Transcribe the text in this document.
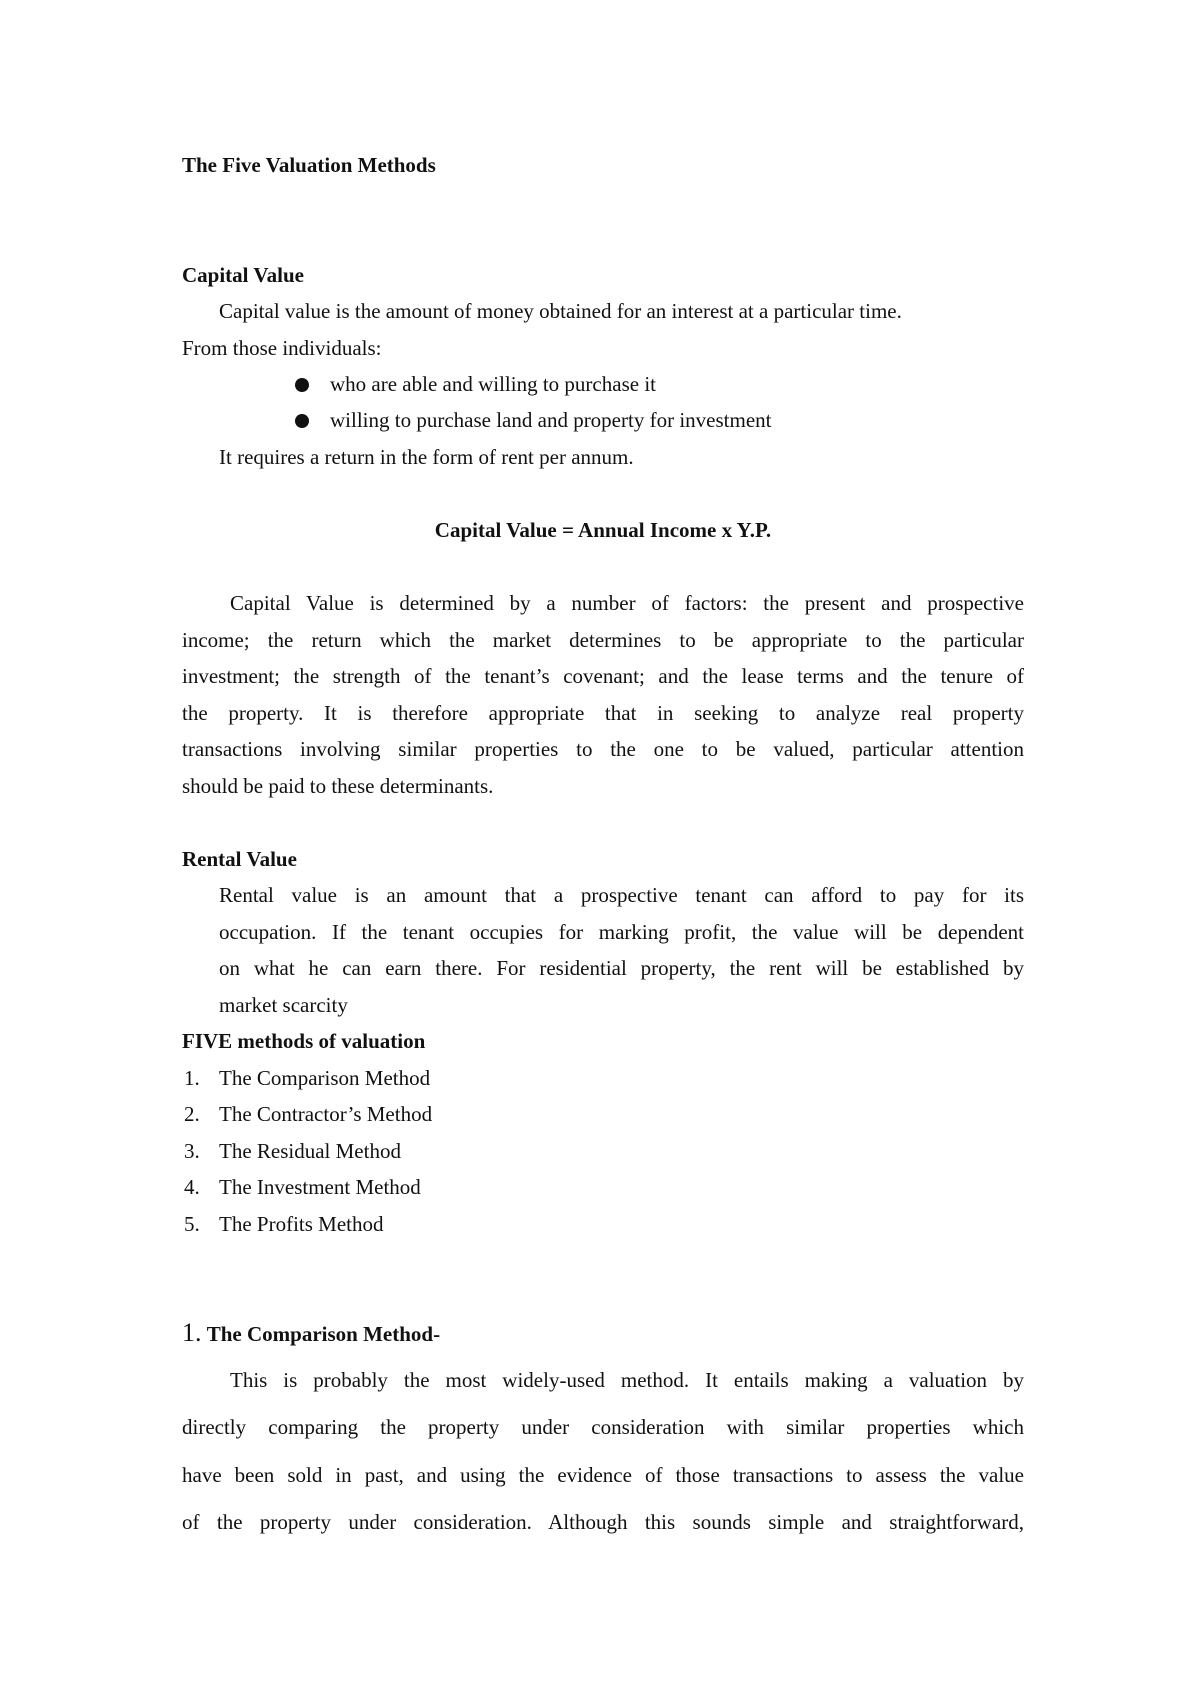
The Five Valuation Methods

Capital Value

Capital value is the amount of money obtained for an interest at a particular time.

From those individuals:

who are able and willing to purchase it

willing to purchase land and property for investment

It requires a return in the form of rent per annum.

Capital Value = Annual Income x Y.P.

Capital Value is determined by a number of factors: the present and prospective

income; the return which the market determines to be appropriate to the particular

investment; the strength of the tenant’s covenant; and the lease terms and the tenure of

the property. It is therefore appropriate that in seeking to analyze real property

transactions involving similar properties to the one to be valued, particular attention

should be paid to these determinants.

Rental Value

Rental value is an amount that a prospective tenant can afford to pay for its

occupation. If the tenant occupies for marking profit, the value will be dependent

on what he can earn there. For residential property, the rent will be established by

market scarcity

FIVE methods of valuation

1. The Comparison Method

2. The Contractor’s Method

3. The Residual Method

4. The Investment Method

5. The Profits Method

1. The Comparison Method-

This is probably the most widely-used method. It entails making a valuation by

directly comparing the property under consideration with similar properties which

have been sold in past, and using the evidence of those transactions to assess the value

of the property under consideration. Although this sounds simple and straightforward,
